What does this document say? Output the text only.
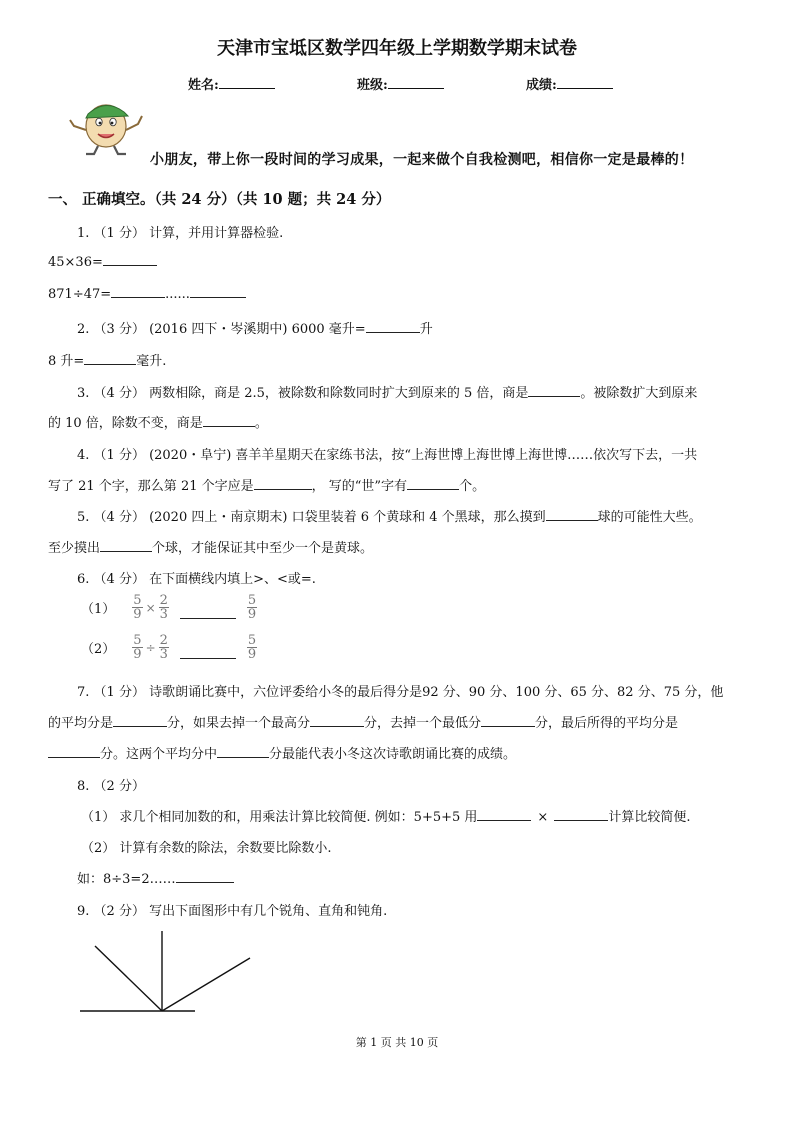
天津市宝坻区数学四年级上学期数学期末试卷
姓名:	班级:	成绩:
小朋友，带上你一段时间的学习成果，一起来做个自我检测吧，相信你一定是最棒的！
一、 正确填空。（共 24 分）（共 10 题；共 24 分）
1. （1 分） 计算，并用计算器检验.
45×36=
871÷47=	......
2. （3 分） (2016 四下・岑溪期中) 6000 毫升=	升
8 升=	毫升.
3. （4 分） 两数相除，商是 2.5，被除数和除数同时扩大到原来的 5 倍，商是	。被除数扩大到原来
的 10 倍，除数不变，商是	。
4. （1 分） (2020・阜宁) 喜羊羊星期天在家练书法，按“上海世博上海世博上海世博……依次写下去，一共
写了 21 个字，那么第 21 个字应是	， 写的“世”字有	个。
5. （4 分） (2020 四上・南京期末) 口袋里装着 6 个黄球和 4 个黑球，那么摸到	球的可能性大些。
至少摸出	个球，才能保证其中至少一个是黄球。
6. （4 分） 在下面横线内填上>、<或=.
$(1) \frac{5}{9} \times \frac{2}{3}$	$\frac{5}{9}$
$(2) \frac{5}{9} \div \frac{2}{3}$	$\frac{5}{9}$
7. （1 分） 诗歌朗诵比赛中，六位评委给小冬的最后得分是92 分、90 分、100 分、65 分、82 分、75 分，他
的平均分是	分，如果去掉一个最高分	分，去掉一个最低分	分，最后所得的平均分是
分。这两个平均分中	分最能代表小冬这次诗歌朗诵比赛的成绩。
8. （2 分）
（1） 求几个相同加数的和，用乘法计算比较简便. 例如：5+5+5 用	×	计算比较简便.
（2） 计算有余数的除法，余数要比除数小.
如：8÷3=2……
9. （2 分） 写出下面图形中有几个锐角、直角和钝角.
第 1 页 共 10 页
